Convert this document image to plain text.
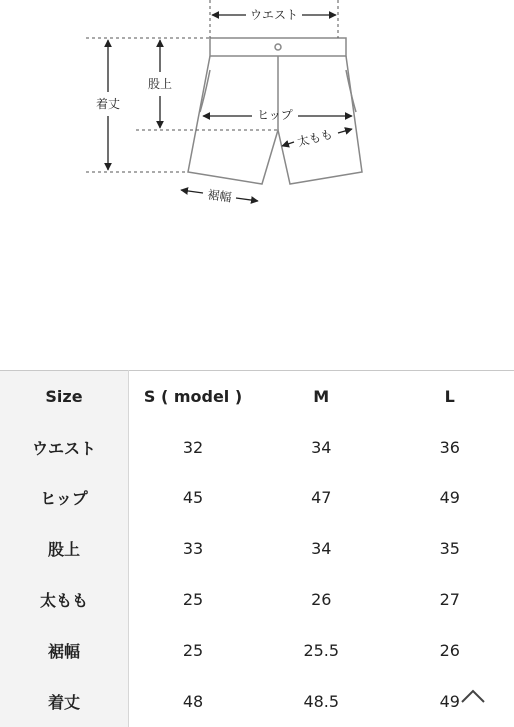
ウエスト
着丈
股上
ヒップ
太もも
裾幅
Size	S ( model )	M	L
ウエスト	32	34	36
ヒップ	45	47	49
股上	33	34	35
太もも	25	26	27
裾幅	25	25.5	26
着丈	48	48.5	49
